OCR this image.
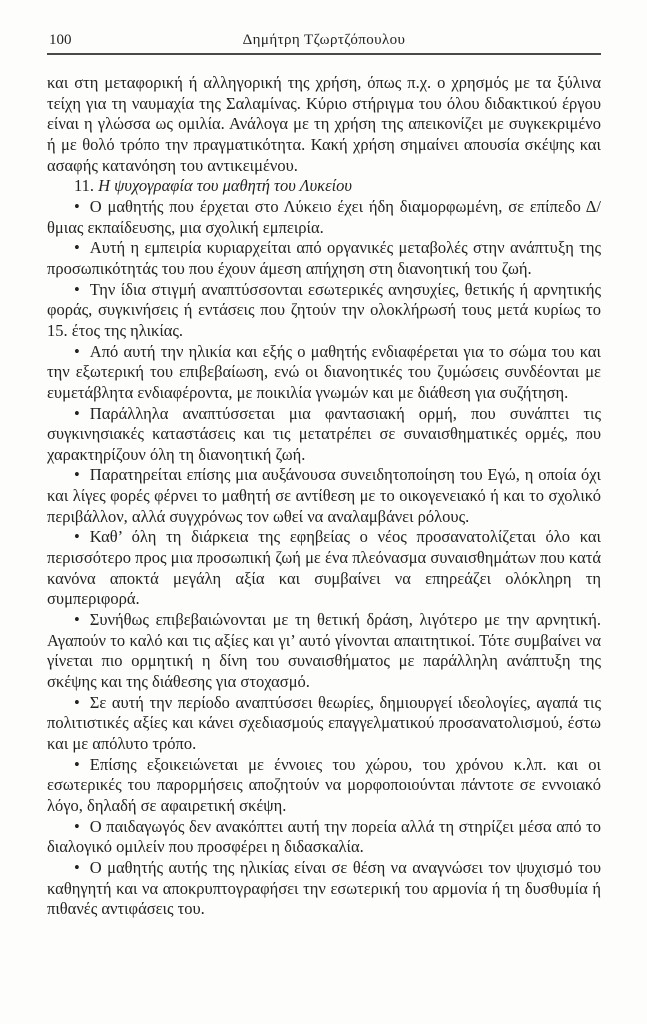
100	Δημήτρη Τζωρτζόπουλου

και στη μεταφορική ή αλληγορική της χρήση, όπως π.χ. ο χρησμός με τα ξύλινα τείχη για τη ναυμαχία της Σαλαμίνας. Κύριο στήριγμα του όλου διδακτικού έργου είναι η γλώσσα ως ομιλία. Ανάλογα με τη χρήση της απεικονίζει με συγκεκριμένο ή με θολό τρόπο την πραγματικότητα. Κακή χρήση σημαίνει απουσία σκέψης και ασαφής κατανόηση του αντικειμένου.

11. Η ψυχογραφία του μαθητή του Λυκείου

• Ο μαθητής που έρχεται στο Λύκειο έχει ήδη διαμορφωμένη, σε επίπεδο Δ/θμιας εκπαίδευσης, μια σχολική εμπειρία.

• Αυτή η εμπειρία κυριαρχείται από οργανικές μεταβολές στην ανάπτυξη της προσωπικότητάς του που έχουν άμεση απήχηση στη διανοητική του ζωή.

• Την ίδια στιγμή αναπτύσσονται εσωτερικές ανησυχίες, θετικής ή αρνητικής φοράς, συγκινήσεις ή εντάσεις που ζητούν την ολοκλήρωσή τους μετά κυρίως το 15. έτος της ηλικίας.

• Από αυτή την ηλικία και εξής ο μαθητής ενδιαφέρεται για το σώμα του και την εξωτερική του επιβεβαίωση, ενώ οι διανοητικές του ζυμώσεις συνδέονται με ευμετάβλητα ενδιαφέροντα, με ποικιλία γνωμών και με διάθεση για συζήτηση.

• Παράλληλα αναπτύσσεται μια φαντασιακή ορμή, που συνάπτει τις συγκινησιακές καταστάσεις και τις μετατρέπει σε συναισθηματικές ορμές, που χαρακτηρίζουν όλη τη διανοητική ζωή.

• Παρατηρείται επίσης μια αυξάνουσα συνειδητοποίηση του Εγώ, η οποία όχι και λίγες φορές φέρνει το μαθητή σε αντίθεση με το οικογενειακό ή και το σχολικό περιβάλλον, αλλά συγχρόνως τον ωθεί να αναλαμβάνει ρόλους.

• Καθ’ όλη τη διάρκεια της εφηβείας ο νέος προσανατολίζεται όλο και περισσότερο προς μια προσωπική ζωή με ένα πλεόνασμα συναισθημάτων που κατά κανόνα αποκτά μεγάλη αξία και συμβαίνει να επηρεάζει ολόκληρη τη συμπεριφορά.

• Συνήθως επιβεβαιώνονται με τη θετική δράση, λιγότερο με την αρνητική. Αγαπούν το καλό και τις αξίες και γι’ αυτό γίνονται απαιτητικοί. Τότε συμβαίνει να γίνεται πιο ορμητική η δίνη του συναισθήματος με παράλληλη ανάπτυξη της σκέψης και της διάθεσης για στοχασμό.

• Σε αυτή την περίοδο αναπτύσσει θεωρίες, δημιουργεί ιδεολογίες, αγαπά τις πολιτιστικές αξίες και κάνει σχεδιασμούς επαγγελματικού προσανατολισμού, έστω και με απόλυτο τρόπο.

• Επίσης εξοικειώνεται με έννοιες του χώρου, του χρόνου κ.λπ. και οι εσωτερικές του παρορμήσεις αποζητούν να μορφοποιούνται πάντοτε σε εννοιακό λόγο, δηλαδή σε αφαιρετική σκέψη.

• Ο παιδαγωγός δεν ανακόπτει αυτή την πορεία αλλά τη στηρίζει μέσα από το διαλογικό ομιλείν που προσφέρει η διδασκαλία.

• Ο μαθητής αυτής της ηλικίας είναι σε θέση να αναγνώσει τον ψυχισμό του καθηγητή και να αποκρυπτογραφήσει την εσωτερική του αρμονία ή τη δυσθυμία ή πιθανές αντιφάσεις του.
